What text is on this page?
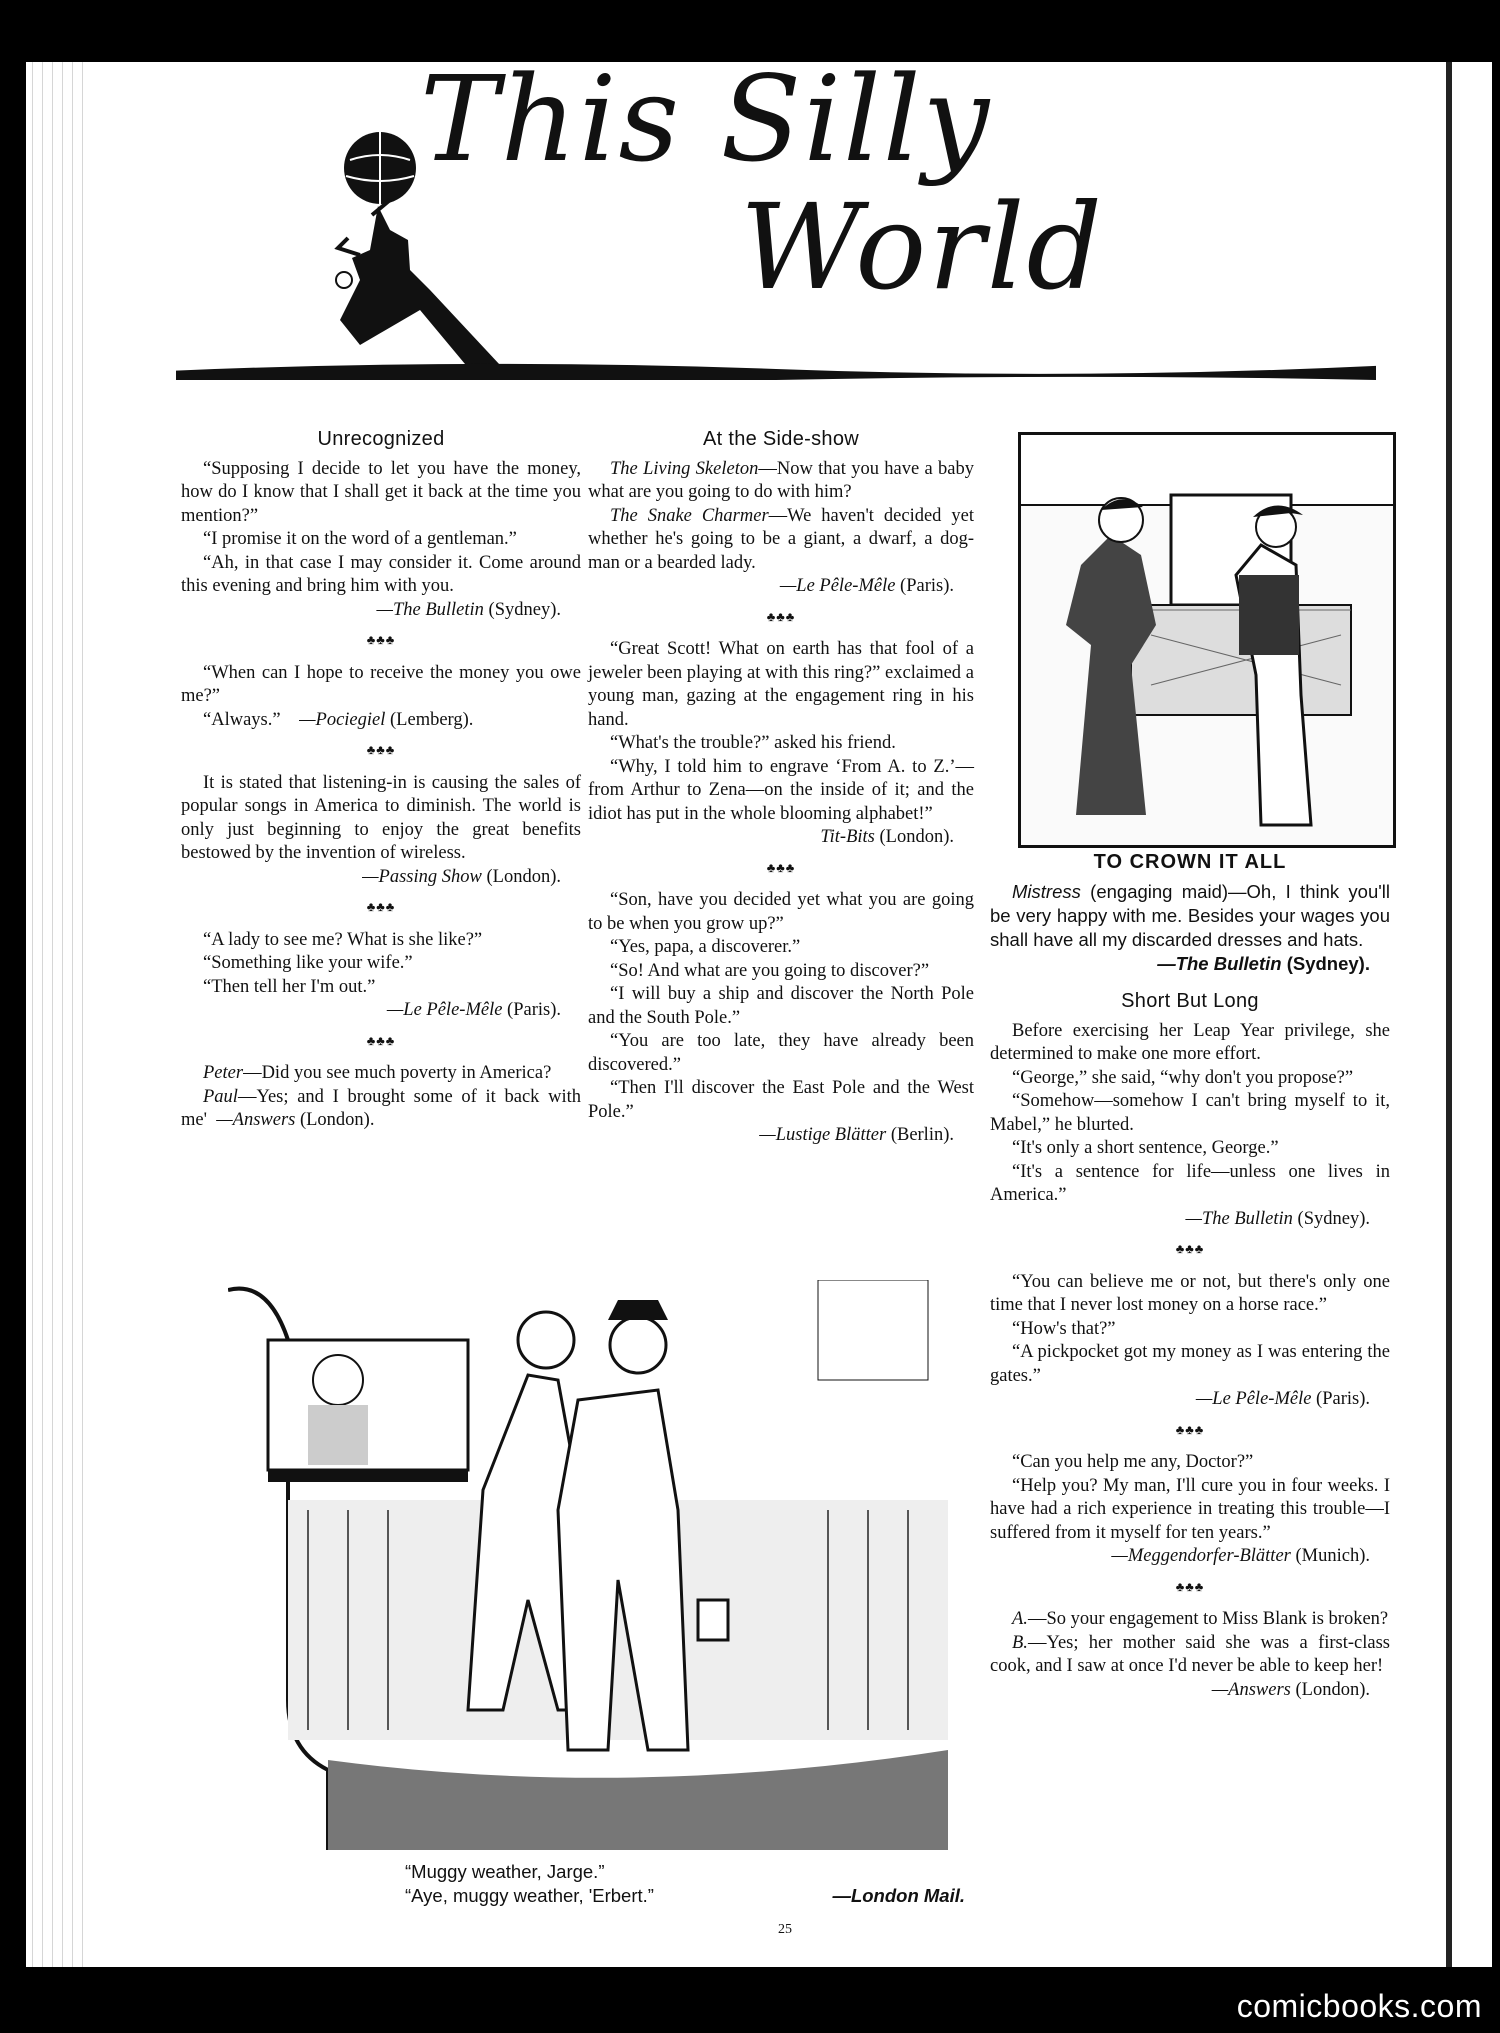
This Silly
World

Unrecognized

“Supposing I decide to let you have the money, how do I know that I shall get it back at the time you mention?”

“I promise it on the word of a gentleman.”

“Ah, in that case I may consider it. Come around this evening and bring him with you.

—The Bulletin (Sydney).

♣♣♣

“When can I hope to receive the money you owe me?”

“Always.” —Pociegiel (Lemberg).

♣♣♣

It is stated that listening-in is causing the sales of popular songs in America to diminish. The world is only just beginning to enjoy the great benefits bestowed by the invention of wireless.

—Passing Show (London).

♣♣♣

“A lady to see me? What is she like?”

“Something like your wife.”

“Then tell her I'm out.”

—Le Pêle-Mêle (Paris).

♣♣♣

Peter—Did you see much poverty in America?

Paul—Yes; and I brought some of it back with me' —Answers (London).

At the Side-show

The Living Skeleton—Now that you have a baby what are you going to do with him?

The Snake Charmer—We haven't decided yet whether he's going to be a giant, a dwarf, a dog-man or a bearded lady.

—Le Pêle-Mêle (Paris).

♣♣♣

“Great Scott! What on earth has that fool of a jeweler been playing at with this ring?” exclaimed a young man, gazing at the engagement ring in his hand.

“What's the trouble?” asked his friend.

“Why, I told him to engrave ‘From A. to Z.’—from Arthur to Zena—on the inside of it; and the idiot has put in the whole blooming alphabet!”

Tit-Bits (London).

♣♣♣

“Son, have you decided yet what you are going to be when you grow up?”

“Yes, papa, a discoverer.”

“So! And what are you going to discover?”

“I will buy a ship and discover the North Pole and the South Pole.”

“You are too late, they have already been discovered.”

“Then I'll discover the East Pole and the West Pole.”

—Lustige Blätter (Berlin).

TO CROWN IT ALL

Mistress (engaging maid)—Oh, I think you'll be very happy with me. Besides your wages you shall have all my discarded dresses and hats.

—The Bulletin (Sydney).

Short But Long

Before exercising her Leap Year privilege, she determined to make one more effort.

“George,” she said, “why don't you propose?”

“Somehow—somehow I can't bring myself to it, Mabel,” he blurted.

“It's only a short sentence, George.”

“It's a sentence for life—unless one lives in America.”

—The Bulletin (Sydney).

♣♣♣

“You can believe me or not, but there's only one time that I never lost money on a horse race.”

“How's that?”

“A pickpocket got my money as I was entering the gates.”

—Le Pêle-Mêle (Paris).

♣♣♣

“Can you help me any, Doctor?”

“Help you? My man, I'll cure you in four weeks. I have had a rich experience in treating this trouble—I suffered from it myself for ten years.”

—Meggendorfer-Blätter (Munich).

♣♣♣

A.—So your engagement to Miss Blank is broken?

B.—Yes; her mother said she was a first-class cook, and I saw at once I'd never be able to keep her!

—Answers (London).

“Muggy weather, Jarge.”
“Aye, muggy weather, 'Erbert.”	—London Mail.
25
comicbooks.com
